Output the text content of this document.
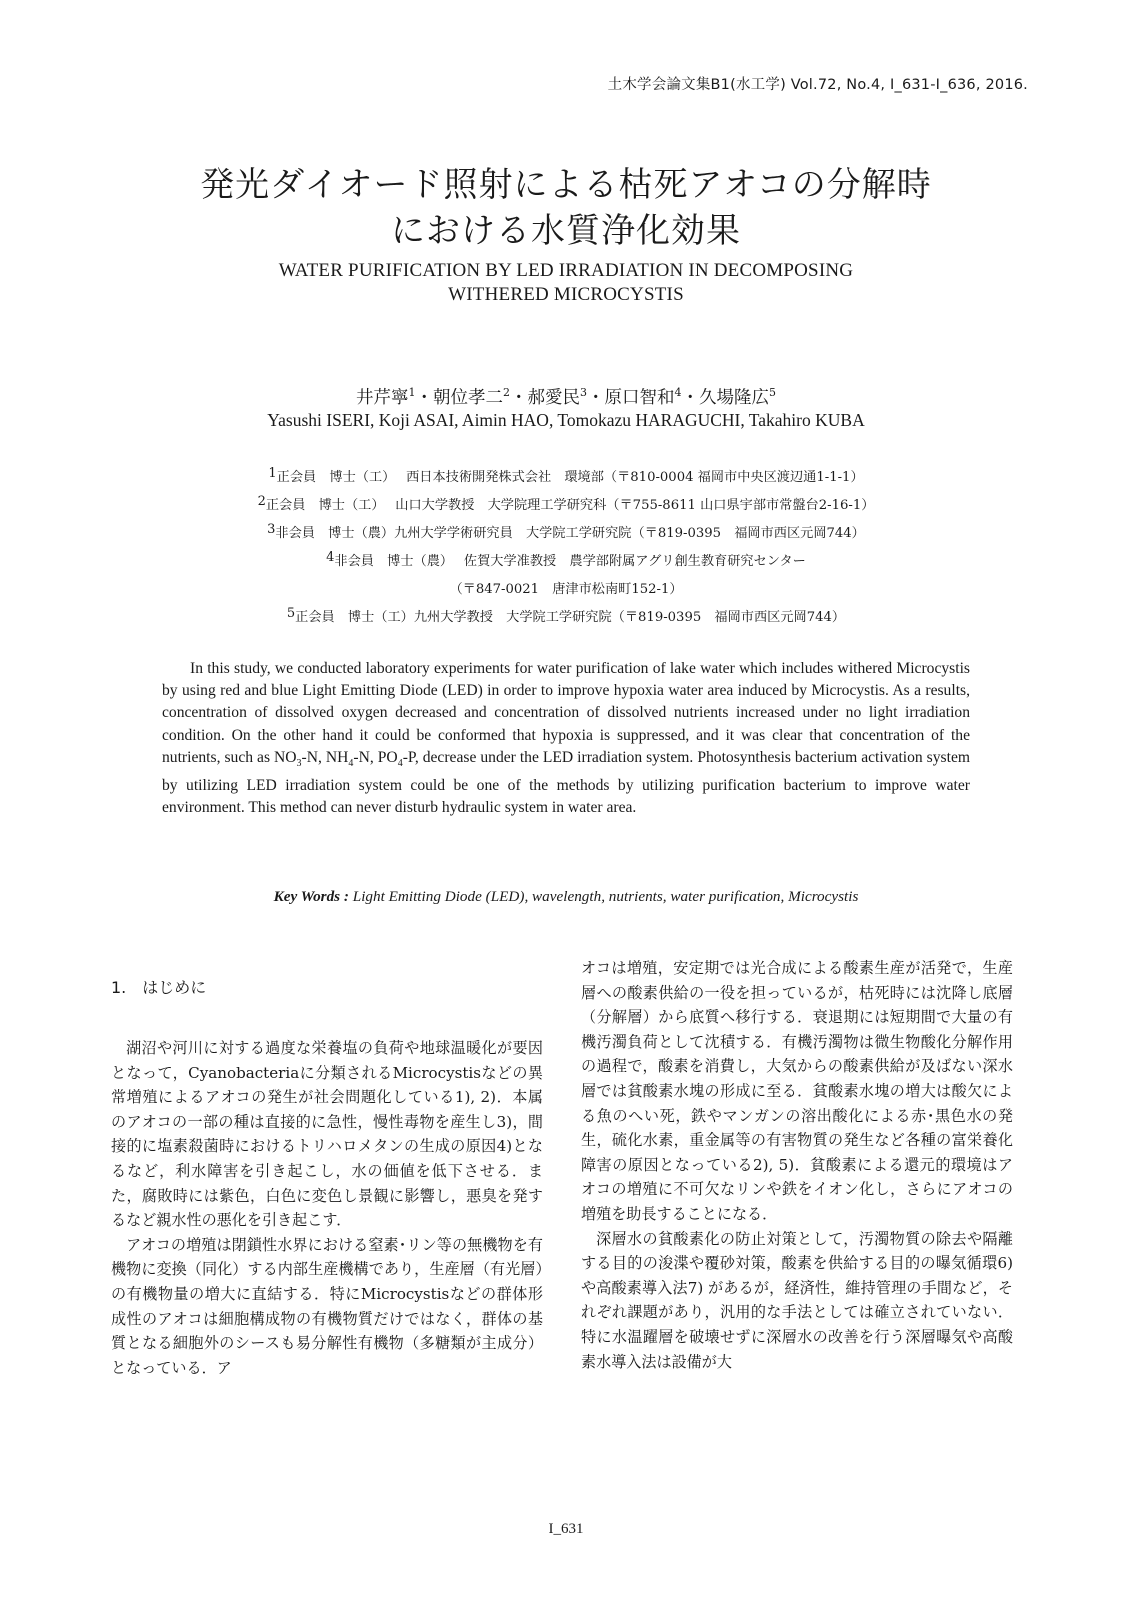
土木学会論文集B1(水工学) Vol.72, No.4, I_631-I_636, 2016.
発光ダイオード照射による枯死アオコの分解時
における水質浄化効果
WATER PURIFICATION BY LED IRRADIATION IN DECOMPOSING
WITHERED MICROCYSTIS
井芹寧$^1$・朝位孝二$^2$・郝愛民$^3$・原口智和$^4$・久場隆広$^5$
Yasushi ISERI, Koji ASAI, Aimin HAO, Tomokazu HARAGUCHI, Takahiro KUBA
$^1$正会員　博士（工）　 西日本技術開発株式会社　環境部（〒810-0004 福岡市中央区渡辺通1-1-1）
$^2$正会員　博士（工）　 山口大学教授　大学院理工学研究科（〒755-8611 山口県宇部市常盤台2-16-1）
$^3$非会員　博士（農）九州大学学術研究員　大学院工学研究院（〒819-0395　福岡市西区元岡744）
$^4$非会員　博士（農）　 佐賀大学准教授　農学部附属アグリ創生教育研究センター
（〒847-0021　唐津市松南町152-1）
$^5$正会員　博士（工）九州大学教授　大学院工学研究院（〒819-0395　福岡市西区元岡744）
In this study, we conducted laboratory experiments for water purification of lake water which includes withered Microcystis by using red and blue Light Emitting Diode (LED) in order to improve hypoxia water area induced by Microcystis. As a results, concentration of dissolved oxygen decreased and concentration of dissolved nutrients increased under no light irradiation condition. On the other hand it could be conformed that hypoxia is suppressed, and it was clear that concentration of the nutrients, such as $NO_3-N$, $NH_4-N$, $PO_4-P$, decrease under the LED irradiation system. Photosynthesis bacterium activation system by utilizing LED irradiation system could be one of the methods by utilizing purification bacterium to improve water environment. This method can never disturb hydraulic system in water area.
Key Words : Light Emitting Diode (LED), wavelength, nutrients, water purification, Microcystis
1.　はじめに

湖沼や河川に対する過度な栄養塩の負荷や地球温暖化が要因となって，Cyanobacteriaに分類されるMicrocystisなどの異常増殖によるアオコの発生が社会問題化している1), 2)．本属のアオコの一部の種は直接的に急性，慢性毒物を産生し3)，間接的に塩素殺菌時におけるトリハロメタンの生成の原因4)となるなど，利水障害を引き起こし，水の価値を低下させる．また，腐敗時には紫色，白色に変色し景観に影響し，悪臭を発するなど親水性の悪化を引き起こす．

アオコの増殖は閉鎖性水界における窒素･リン等の無機物を有機物に変換（同化）する内部生産機構であり，生産層（有光層）の有機物量の増大に直結する．特にMicrocystisなどの群体形成性のアオコは細胞構成物の有機物質だけではなく，群体の基質となる細胞外のシースも易分解性有機物（多糖類が主成分）となっている．ア

オコは増殖，安定期では光合成による酸素生産が活発で，生産層への酸素供給の一役を担っているが，枯死時には沈降し底層（分解層）から底質へ移行する．衰退期には短期間で大量の有機汚濁負荷として沈積する．有機汚濁物は微生物酸化分解作用の過程で，酸素を消費し，大気からの酸素供給が及ばない深水層では貧酸素水塊の形成に至る．貧酸素水塊の増大は酸欠による魚のへい死，鉄やマンガンの溶出酸化による赤･黒色水の発生，硫化水素，重金属等の有害物質の発生など各種の富栄養化障害の原因となっている2), 5)．貧酸素による還元的環境はアオコの増殖に不可欠なリンや鉄をイオン化し，さらにアオコの増殖を助長することになる．

深層水の貧酸素化の防止対策として，汚濁物質の除去や隔離する目的の浚渫や覆砂対策，酸素を供給する目的の曝気循環6)や高酸素導入法7) があるが，経済性，維持管理の手間など，それぞれ課題があり，汎用的な手法としては確立されていない．特に水温躍層を破壊せずに深層水の改善を行う深層曝気や高酸素水導入法は設備が大

I_631
